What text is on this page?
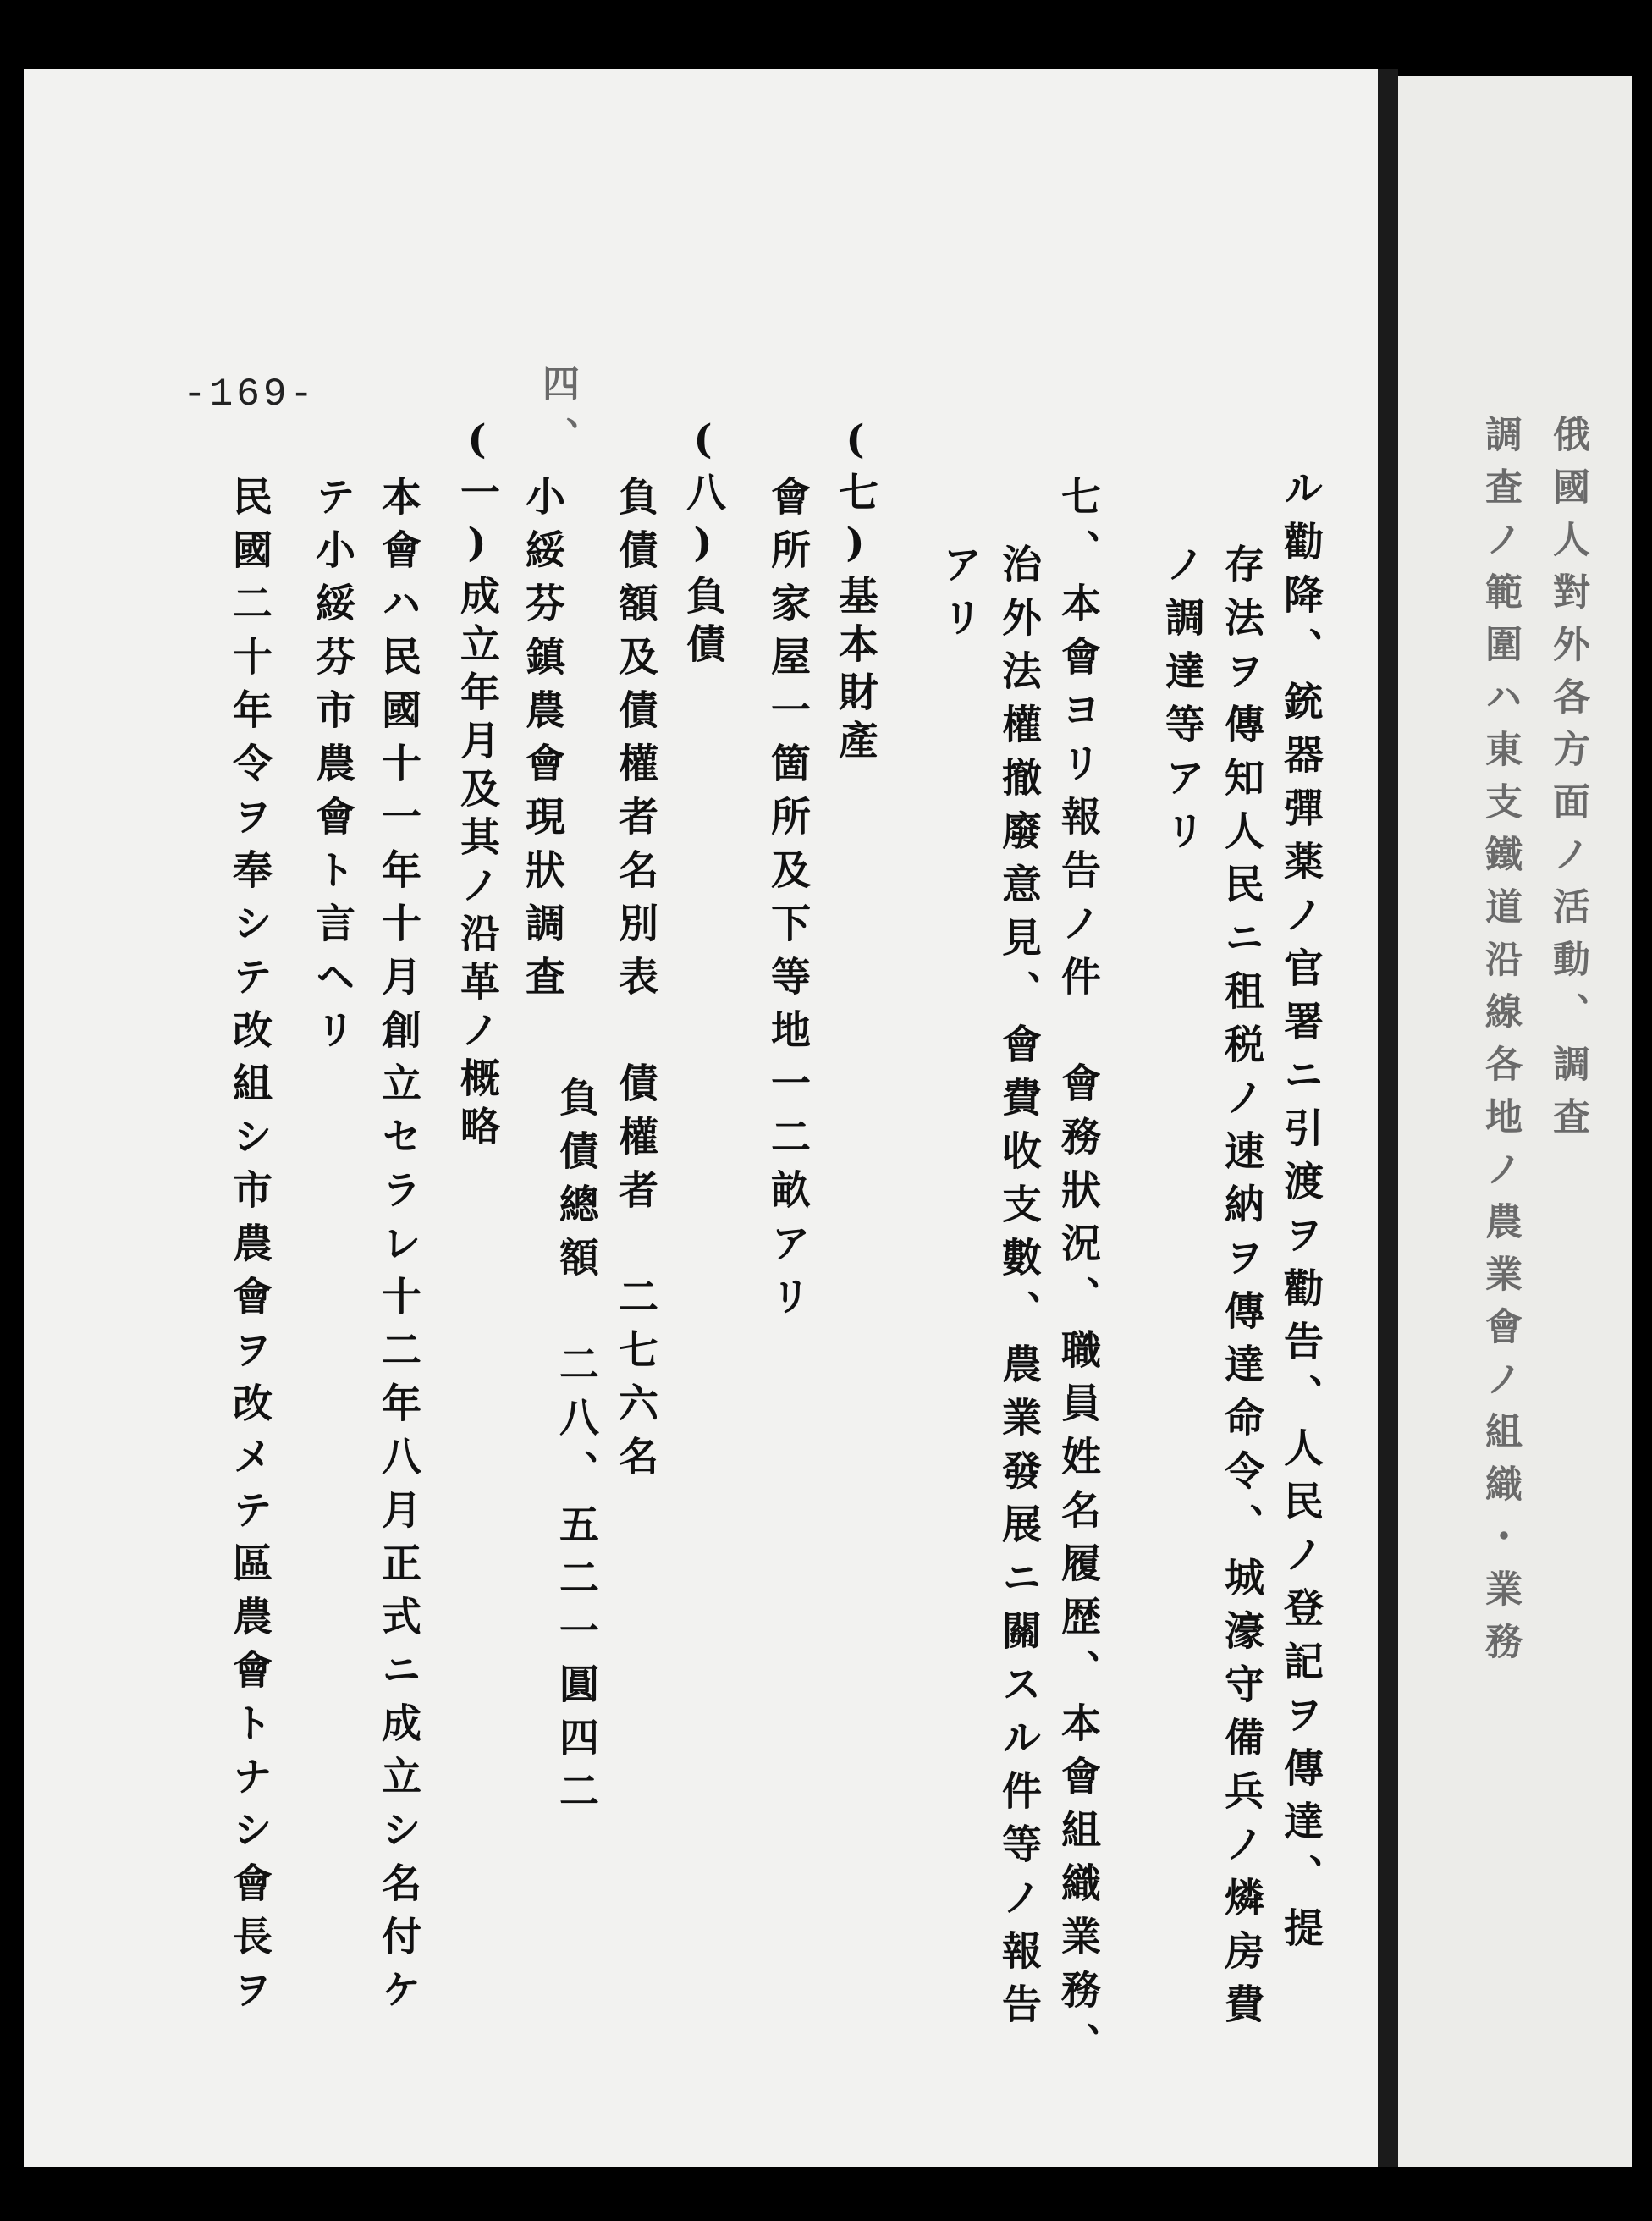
-169-
ル勸降、銃器彈薬ノ官署ニ引渡ヲ勸告、人民ノ登記ヲ傳達、提
存法ヲ傳知人民ニ租税ノ速納ヲ傳達命令、城濠守備兵ノ燐房費
ノ調達等アリ
七、本會ヨリ報告ノ件　會務狀況、職員姓名履歴、本會組織業務、
治外法權撤廢意見、會費收支數、農業發展ニ關スル件等ノ報告
アリ
(七)基本財產
會所家屋一箇所及下等地一二畝アリ
(八)負債
負債額及債權者名別表　債權者　二七六名
負債總額　二八、五二一圓四二
四、
小綏芬鎮農會現狀調査
(一)成立年月及其ノ沿革ノ概略
本會ハ民國十一年十月創立セラレ十二年八月正式ニ成立シ名付ケ
テ小綏芬市農會ト言ヘリ
民國二十年令ヲ奉シテ改組シ市農會ヲ改メテ區農會トナシ會長ヲ	俄國人對外各方面ノ活動、調査
調査ノ範圍ハ東支鐵道沿線各地ノ農業會ノ組織・業務
